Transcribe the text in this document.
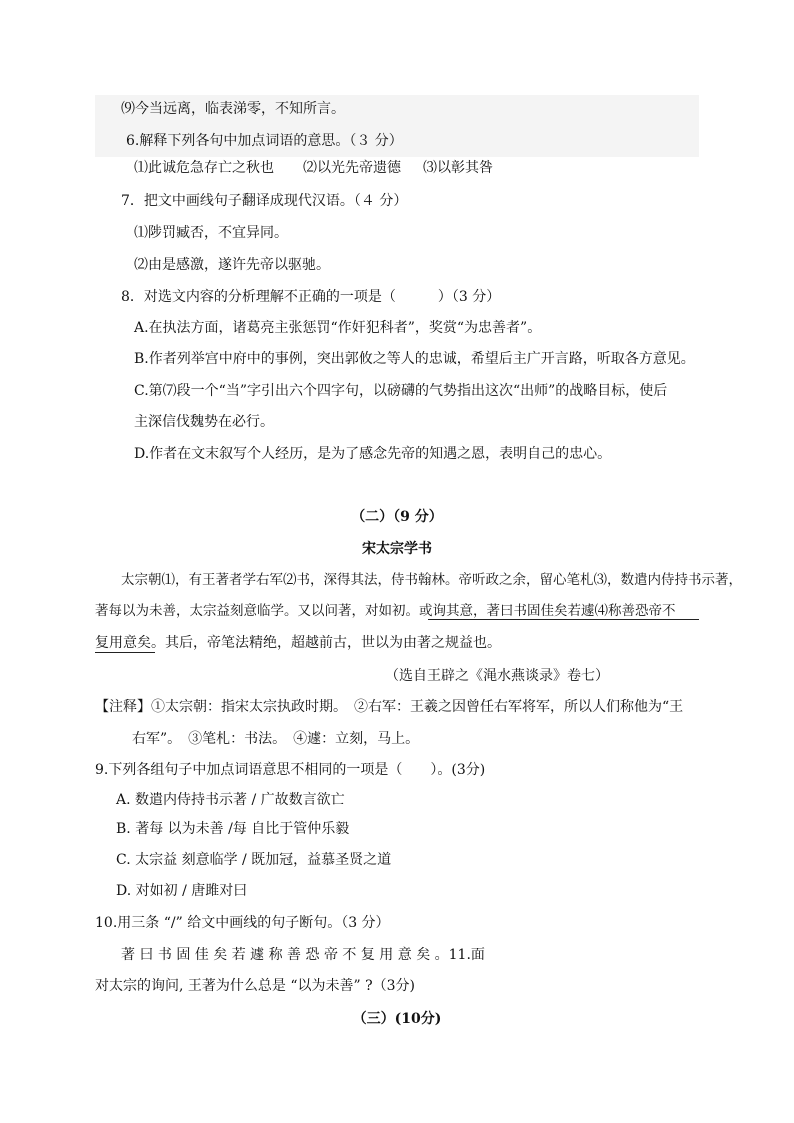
⑼今当远离，临表涕零，不知所言。
6.解释下列各句中加点词语的意思。（３ 分）
⑴此诚危急存亡之秋也 ⑵以光先帝遗德 ⑶以彰其咎
7．把文中画线句子翻译成现代汉语。（４ 分）
⑴陟罚臧否，不宜异同。
⑵由是感激，遂许先帝以驱驰。
8．对选文内容的分析理解不正确的一项是（　　　）（3 分）
A.在执法方面，诸葛亮主张惩罚“作奸犯科者”，奖赏“为忠善者”。
B.作者列举宫中府中的事例，突出郭攸之等人的忠诚，希望后主广开言路，听取各方意见。
C.第⑺段一个“当”字引出六个四字句，以磅礴的气势指出这次“出师”的战略目标，使后
主深信伐魏势在必行。
D.作者在文末叙写个人经历，是为了感念先帝的知遇之恩，表明自己的忠心。
（二）（9 分）
宋太宗学书
太宗朝⑴，有王著者学右军⑵书，深得其法，侍书翰林。帝听政之余，留心笔札⑶，数遣内侍持书示著，
著每以为未善，太宗益刻意临学。又以问著，对如初。或询其意，著曰书固佳矣若遽⑷称善恐帝不
复用意矣。其后，帝笔法精绝，超越前古，世以为由著之规益也。
（选自王辟之《渑水燕谈录》卷七）
【注释】①太宗朝：指宋太宗执政时期。　②右军：王羲之因曾任右军将军，所以人们称他为“王
右军”。　③笔札：书法。　④遽：立刻，马上。
9.下列各组句子中加点词语意思不相同的一项是（　　）。(3分)
A. 数遣内侍持书示著 / 广故数言欲亡
B. 著每 以为未善 /每 自比于管仲乐毅
C. 太宗益 刻意临学 / 既加冠，益慕圣贤之道
D. 对如初 / 唐雎对曰
10.用三条 “/” 给文中画线的句子断句。（3 分）
著 曰 书 固 佳 矣 若 遽 称 善 恐 帝 不 复 用 意 矣 。11.面
对太宗的询问, 王著为什么总是 “以为未善” ?（3分)
（三）(10分)
